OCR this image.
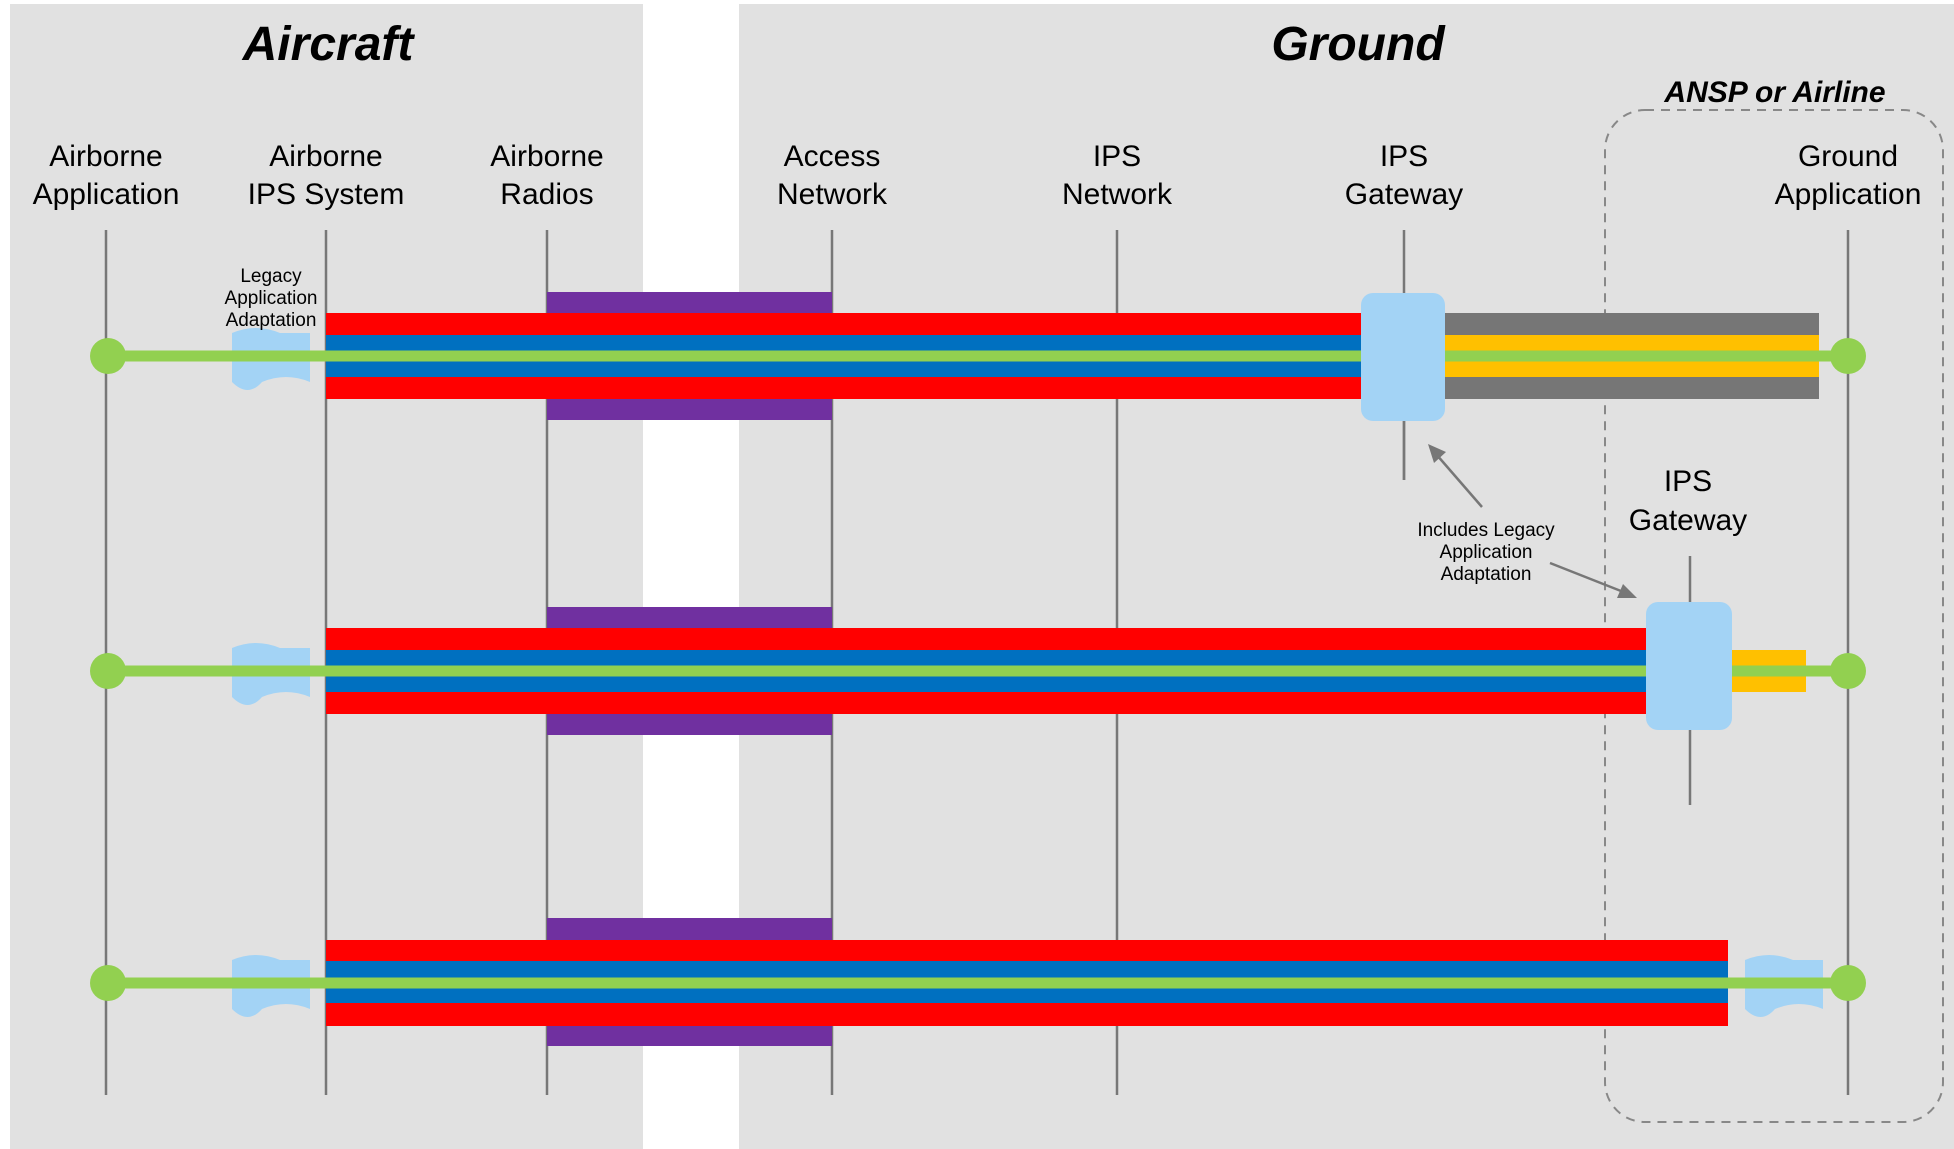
Aircraft	Ground
ANSP or Airline
Airborne
Application
Airborne
IPS System
Airborne
Radios
Access
Network
IPS
Network
IPS
Gateway
Ground
Application
Legacy
Application
Adaptation
IPS
Gateway
Includes Legacy
Application
Adaptation
